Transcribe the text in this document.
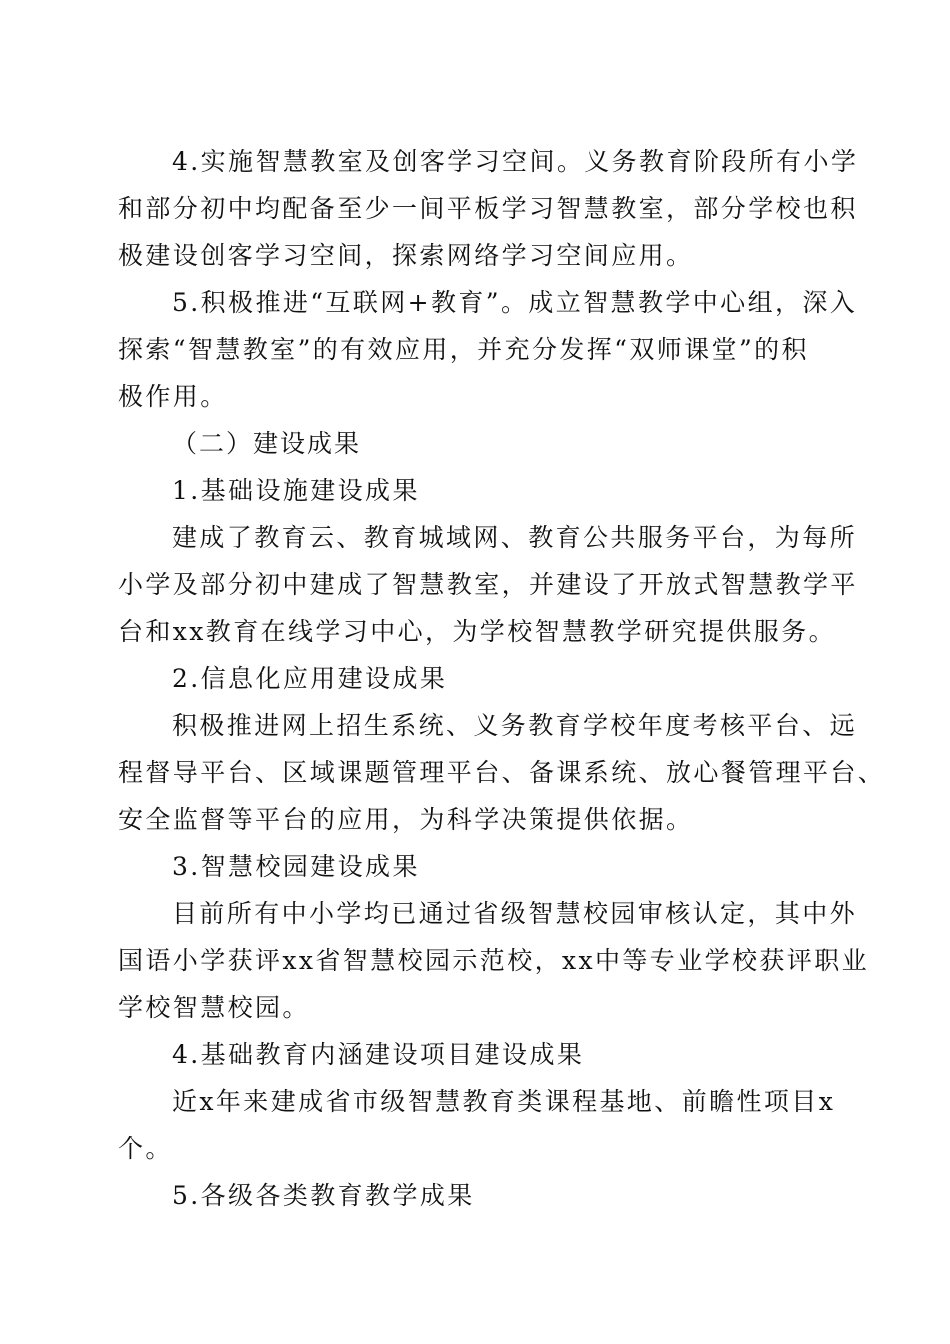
4.实施智慧教室及创客学习空间。义务教育阶段所有小学
和部分初中均配备至少一间平板学习智慧教室，部分学校也积
极建设创客学习空间，探索网络学习空间应用。
5.积极推进“互联网+教育”。成立智慧教学中心组，深入
探索“智慧教室”的有效应用，并充分发挥“双师课堂”的积
极作用。
（二）建设成果
1.基础设施建设成果
建成了教育云、教育城域网、教育公共服务平台，为每所
小学及部分初中建成了智慧教室，并建设了开放式智慧教学平
台和xx教育在线学习中心，为学校智慧教学研究提供服务。
2.信息化应用建设成果
积极推进网上招生系统、义务教育学校年度考核平台、远
程督导平台、区域课题管理平台、备课系统、放心餐管理平台、
安全监督等平台的应用，为科学决策提供依据。
3.智慧校园建设成果
目前所有中小学均已通过省级智慧校园审核认定，其中外
国语小学获评xx省智慧校园示范校，xx中等专业学校获评职业
学校智慧校园。
4.基础教育内涵建设项目建设成果
近x年来建成省市级智慧教育类课程基地、前瞻性项目x
个。
5.各级各类教育教学成果
